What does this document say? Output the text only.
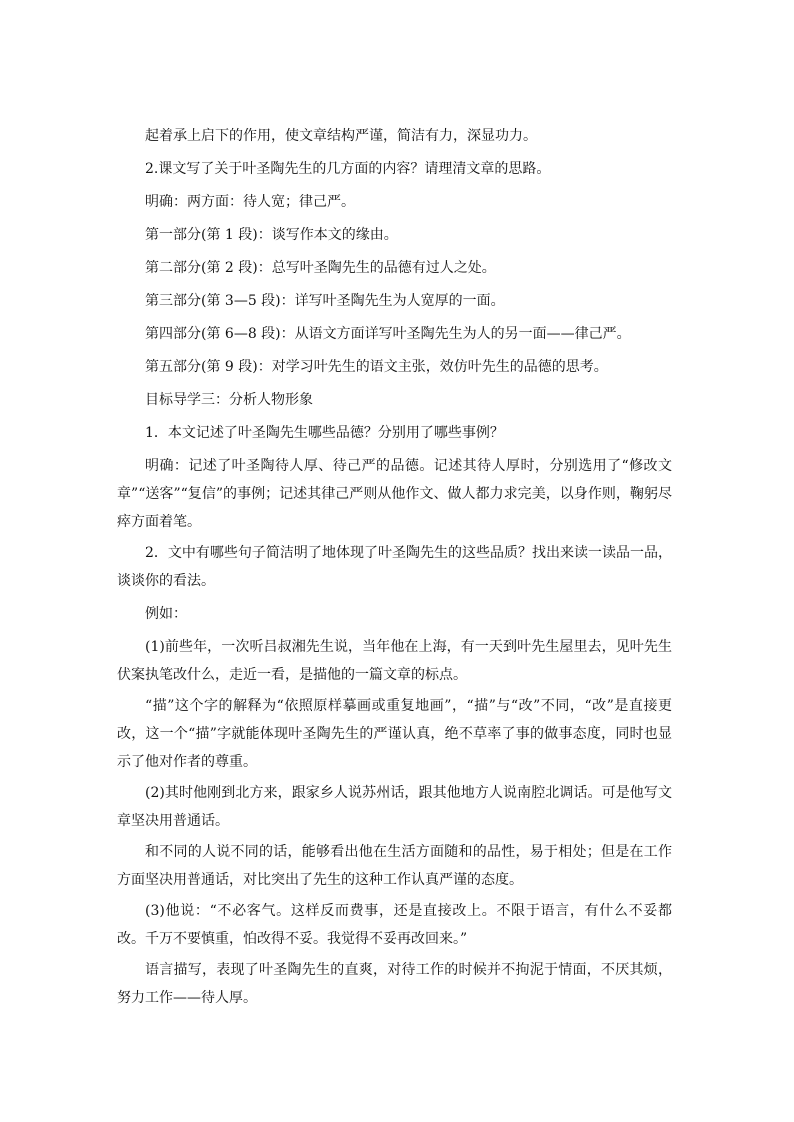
起着承上启下的作用，使文章结构严谨，简洁有力，深显功力。

2.课文写了关于叶圣陶先生的几方面的内容？请理清文章的思路。

明确：两方面：待人宽；律己严。

第一部分(第 1 段)：谈写作本文的缘由。

第二部分(第 2 段)：总写叶圣陶先生的品德有过人之处。

第三部分(第 3—5 段)：详写叶圣陶先生为人宽厚的一面。

第四部分(第 6—8 段)：从语文方面详写叶圣陶先生为人的另一面——律己严。

第五部分(第 9 段)：对学习叶先生的语文主张，效仿叶先生的品德的思考。

目标导学三：分析人物形象

1．本文记述了叶圣陶先生哪些品德？分别用了哪些事例？

明确：记述了叶圣陶待人厚、待己严的品德。记述其待人厚时，分别选用了“修改文章”“送客”“复信”的事例；记述其律己严则从他作文、做人都力求完美，以身作则，鞠躬尽瘁方面着笔。

2．文中有哪些句子简洁明了地体现了叶圣陶先生的这些品质？找出来读一读品一品，谈谈你的看法。

例如：

(1)前些年，一次听吕叔湘先生说，当年他在上海，有一天到叶先生屋里去，见叶先生伏案执笔改什么，走近一看，是描他的一篇文章的标点。

“描”这个字的解释为“依照原样摹画或重复地画”，“描”与“改”不同，“改”是直接更改，这一个“描”字就能体现叶圣陶先生的严谨认真，绝不草率了事的做事态度，同时也显示了他对作者的尊重。

(2)其时他刚到北方来，跟家乡人说苏州话，跟其他地方人说南腔北调话。可是他写文章坚决用普通话。

和不同的人说不同的话，能够看出他在生活方面随和的品性，易于相处；但是在工作方面坚决用普通话，对比突出了先生的这种工作认真严谨的态度。

(3)他说：“不必客气。这样反而费事，还是直接改上。不限于语言，有什么不妥都改。千万不要慎重，怕改得不妥。我觉得不妥再改回来。”

语言描写，表现了叶圣陶先生的直爽，对待工作的时候并不拘泥于情面，不厌其烦，努力工作——待人厚。
